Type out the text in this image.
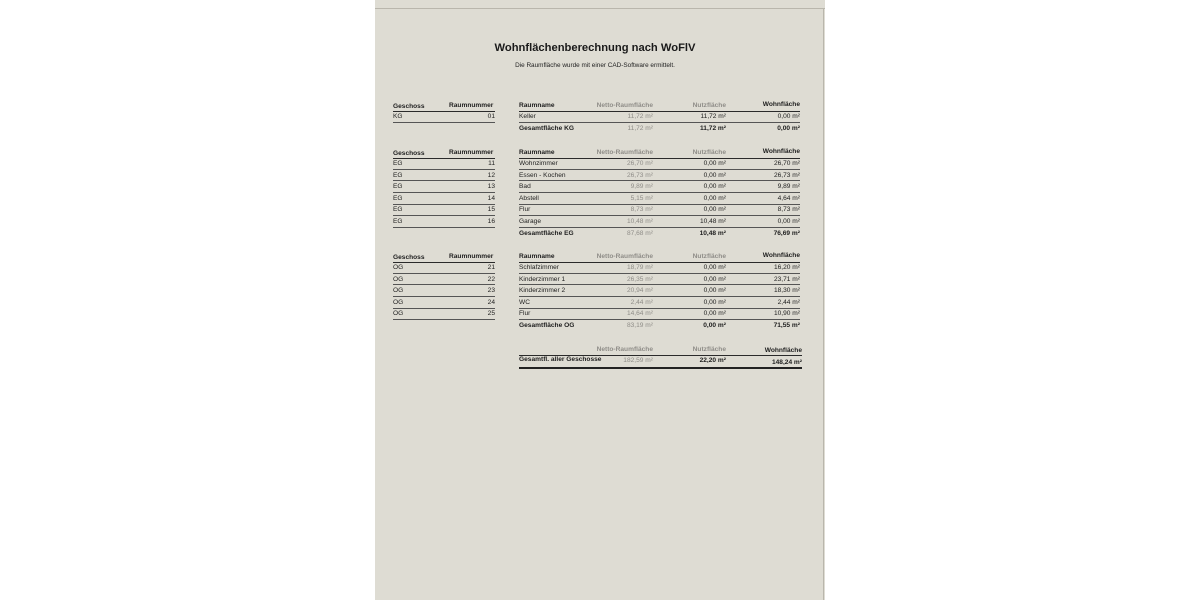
Wohnflächenberechnung nach WoFlV
Die Raumfläche wurde mit einer CAD-Software ermittelt.
Geschoss	Raumnummer	Raumname	Netto-Raumfläche	Nutzfläche	Wohnfläche
KG	01	Keller	11,72 m²	11,72 m²	0,00 m²
Gesamtfläche KG	11,72 m²	11,72 m²	0,00 m²
Geschoss	Raumnummer	Raumname	Netto-Raumfläche	Nutzfläche	Wohnfläche
EG	11	Wohnzimmer	26,70 m²	0,00 m²	26,70 m²
EG	12	Essen - Kochen	26,73 m²	0,00 m²	26,73 m²
EG	13	Bad	9,89 m²	0,00 m²	9,89 m²
EG	14	Abstell	5,15 m²	0,00 m²	4,64 m²
EG	15	Flur	8,73 m²	0,00 m²	8,73 m²
EG	16	Garage	10,48 m²	10,48 m²	0,00 m²
Gesamtfläche EG	87,68 m²	10,48 m²	76,69 m²
Geschoss	Raumnummer	Raumname	Netto-Raumfläche	Nutzfläche	Wohnfläche
OG	21	Schlafzimmer	18,79 m²	0,00 m²	16,20 m²
OG	22	Kinderzimmer 1	26,35 m²	0,00 m²	23,71 m²
OG	23	Kinderzimmer 2	20,94 m²	0,00 m²	18,30 m²
OG	24	WC	2,44 m²	0,00 m²	2,44 m²
OG	25	Flur	14,64 m²	0,00 m²	10,90 m²
Gesamtfläche OG	83,19 m²	0,00 m²	71,55 m²
Netto-Raumfläche	Nutzfläche	Wohnfläche
Gesamtfl. aller Geschosse	182,59 m²	22,20 m²	148,24 m²
